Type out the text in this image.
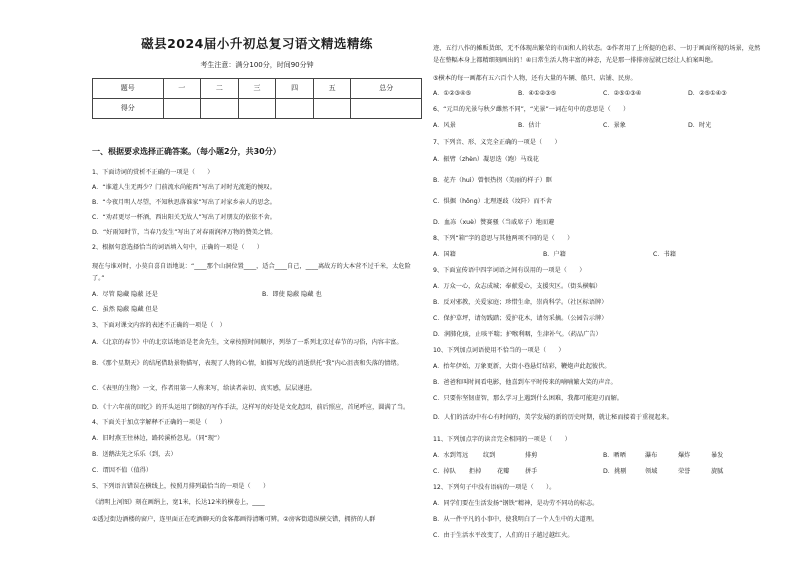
磁县2024届小升初总复习语文精选精练
考生注意：满分100分，时间90分钟
题号	一	二	三	四	五	总分
得分						
一、根据要求选择正确答案。（每小题2分，共30分）
1、下面诗词的赏析不正确的一项是（　　）
A．“谁道人生无再少？门前流水尚能西”写出了对时光流逝的惋叹。
B．“今夜月明人尽望，不知秋思落谁家”写出了对家乡亲人的思念。
C．“劝君更尽一杯酒，西出阳关无故人”写出了对朋友的依依不舍。
D．“好雨知时节，当春乃发生”写出了对春雨润泽万物的赞美之情。
2、根据句意选择恰当的词语填入句中，正确的一项是（　　）
现在与谁对时，小莫自喜自语地说：“____那个山洞位置____，适合____自己，____离故方的大本营不过千米，太危险了。”
A．尽管 隐藏 隐蔽 还是	B．即使 隐蔽 隐藏 也
C．虽然 隐蔽 隐藏 但是
3、下面对课文内容的表述不正确的一项是（　）
A．《北京的春节》中的北京话地语是老舍先生，文章按照时间顺序，列举了一系列北京过春节的习俗，内容丰富。
B．《那个星期天》的结尾借助景物描写，表现了人物的心情，如描写光线的消逝烘托“我”内心沮丧和失落的情绪。
C．《表里的生物》一文，作者用第一人称来写，给读者亲切、真实感，层层递进。
D．《十六年前的回忆》的开头运用了倒叙的写作手法，这样写的好处是文化起因，前后照应，首尾呼应，圆满了当。
4、下面关于加点字解释不正确的一项是（　　）
A．旧时燕王往林边，路转溪桥忽见。（同“现”）
B．送鹅法先之乐乐（到，去）
C．谓因不值（值得）
5、下列语言错误在横线上，按照月排列最恰当的一项是（　　）
《清明上河图》刻在画绢上，宽1米，长达12米的横卷上，____
①透过街边酒楼的窗户，连里面正在吃酒聊天的食客都画得清晰可辨。②房客街道纵横交错，拥挤的人群
迹、五行八作的摊贩货郎，无不体现出繁荣的市面和人的状态。③作者用了上所提的色彩、一切于画面所视的场景，竟然是在整幅本身上都精细刻画出的！④日常生活人物丰富的神态，光是那一排排房屋就已经让人拍案叫绝。
⑤横本的每一画都有五六百个人物，还有大量的车辆、船只、店铺、民房。
A．①②③④⑤	B．④①②③⑤	C．②⑤①③④	D．②⑤①④③
6、“元旦的光景与秋夕雌然不同”，“光景”一词在句中的意思是（　　）
A．风景	B．估计	C．景象	D．时光
7、下列音、形、义完全正确的一项是（　　）
A．振臂（zhèn）凝思迭（跑）马戏花
B．花卉（huì）曾恨热拐（美丽的样子）眶
C．惧掘（hōng）北理逐歧（坟阡）而不舍
D．血冻（xuè）赞赛骚（当戚席子）地而避
8、下列“箱”字的意思与其他两项不同的是（　　）
A．国籍	B．户籍	C．书籍
9、下面宣传语中四字词语之间有误用的一项是（　　）
A．万众一心，众志成城；奉献爱心，支援灾区。（街头横幅）
B．反对邪教，关爱家庭；珍惜生命，崇尚科学。（社区标语牌）
C．保护草坪，请勿践踏；爱护花木，请勿采摘。（公园告示牌）
D．润肺化痰，止咳平喘；护喉利咽，生津补气。（药品广告）
10、下列加点词语使用不恰当的一项是（　　）
A．抬年伊始，万象更新，大街小巷悬灯结彩，鞭炮声此起彼伏。
B．爸爸和叫时间看电影，他喜到车平时传来的喃喃繁大笑的声音。
C．只要你坚韧虚智，那么学习上遇到什么困难，我都可能迎刃而解。
D．人们的活动中有心有时间的，美学发展的新的历史时期，就让秘而接着于重视起来。
11、下列加点字的读音完全相同的一项是（　　）
A．水到驾远 纹到	排剪	B．晒晒	瀑布	爆炸	暴发
C．掉队 拒掉	花瓣	拼手	D．挑剔	领域	荣誉	旋腻
12、下列句子中没有语病的一项是（　　）。
A．同学们要在生活发扬“钢铁”精神，是功劳不同功的标志。
B．从一件平凡的小事中，使我明白了一个人生中的大道理。
C．由于生活水平改变了，人们的日子越过越红火。
